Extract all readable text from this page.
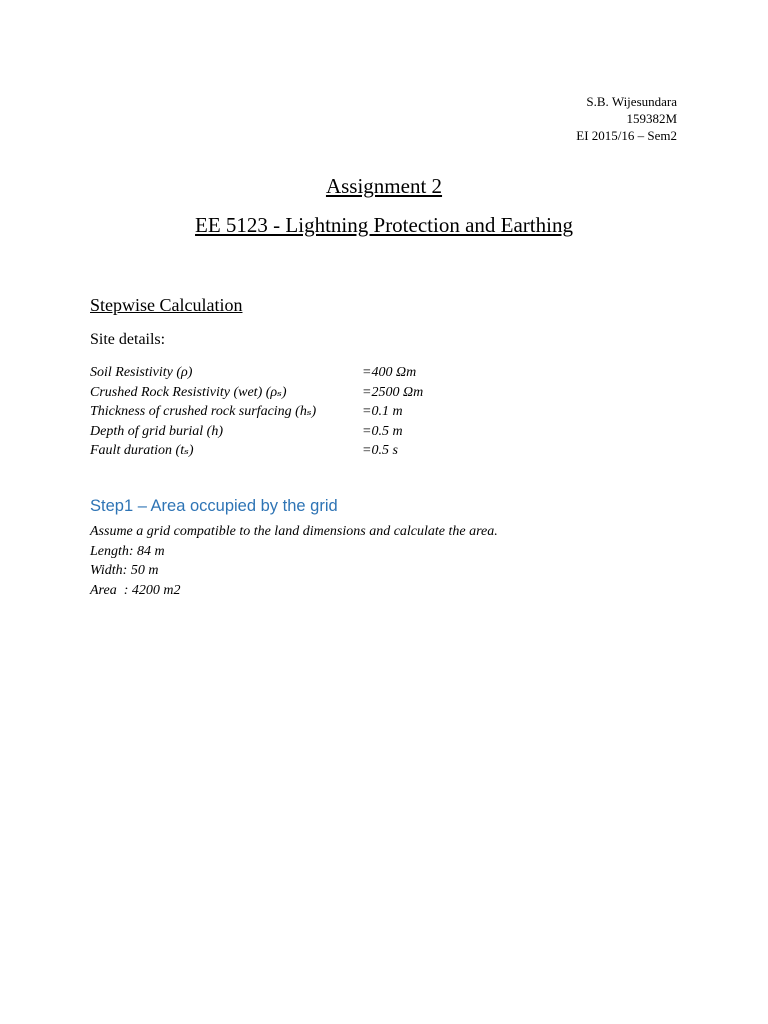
S.B. Wijesundara
159382M
EI 2015/16 – Sem2
Assignment 2
EE 5123 - Lightning Protection and Earthing
Stepwise Calculation
Site details:
Soil Resistivity (ρ)	=400 Ωm
Crushed Rock Resistivity (wet) (ρₛ)	=2500 Ωm
Thickness of crushed rock surfacing (hₛ)	=0.1 m
Depth of grid burial (h)	=0.5 m
Fault duration (tₛ)	=0.5 s
Step1 – Area occupied by the grid
Assume a grid compatible to the land dimensions and calculate the area.
Length: 84 m
Width: 50 m
Area  : 4200 m2
